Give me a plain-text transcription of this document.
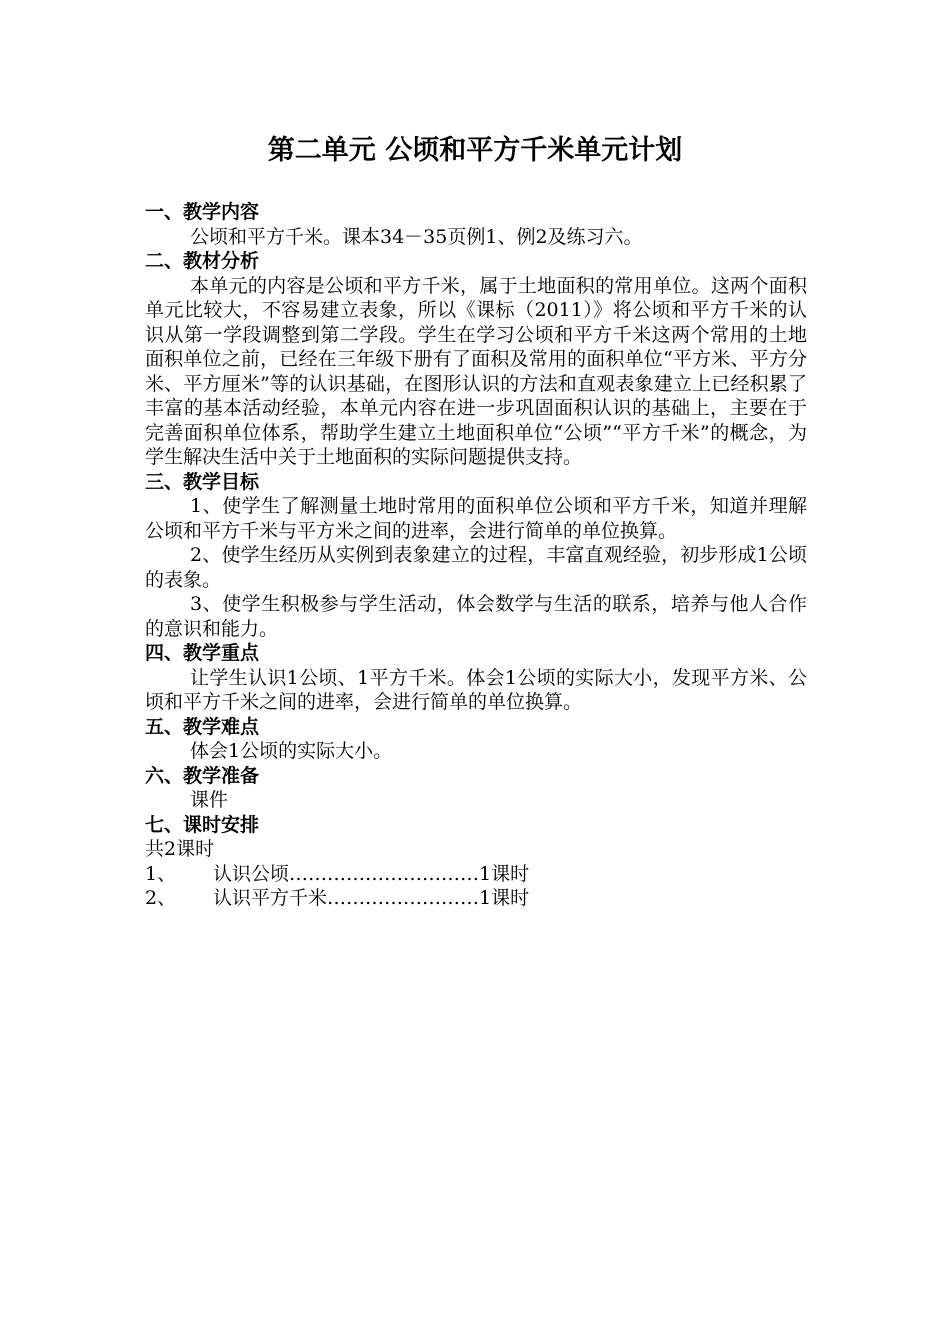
第二单元 公顷和平方千米单元计划
一、教学内容
公顷和平方千米。课本34－35页例1、例2及练习六。
二、教材分析
本单元的内容是公顷和平方千米，属于土地面积的常用单位。这两个面积单元比较大，不容易建立表象，所以《课标（2011）》将公顷和平方千米的认识从第一学段调整到第二学段。学生在学习公顷和平方千米这两个常用的土地面积单位之前，已经在三年级下册有了面积及常用的面积单位“平方米、平方分米、平方厘米”等的认识基础，在图形认识的方法和直观表象建立上已经积累了丰富的基本活动经验，本单元内容在进一步巩固面积认识的基础上，主要在于完善面积单位体系，帮助学生建立土地面积单位“公顷”“平方千米”的概念，为学生解决生活中关于土地面积的实际问题提供支持。
三、教学目标
1、使学生了解测量土地时常用的面积单位公顷和平方千米，知道并理解公顷和平方千米与平方米之间的进率，会进行简单的单位换算。
2、使学生经历从实例到表象建立的过程，丰富直观经验，初步形成1公顷的表象。
3、使学生积极参与学生活动，体会数学与生活的联系，培养与他人合作的意识和能力。
四、教学重点
让学生认识1公顷、1平方千米。体会1公顷的实际大小，发现平方米、公顷和平方千米之间的进率，会进行简单的单位换算。
五、教学难点
体会1公顷的实际大小。
六、教学准备
课件
七、课时安排
共2课时
1、	认识公顷…………………………1课时
2、	认识平方千米……………………1课时
